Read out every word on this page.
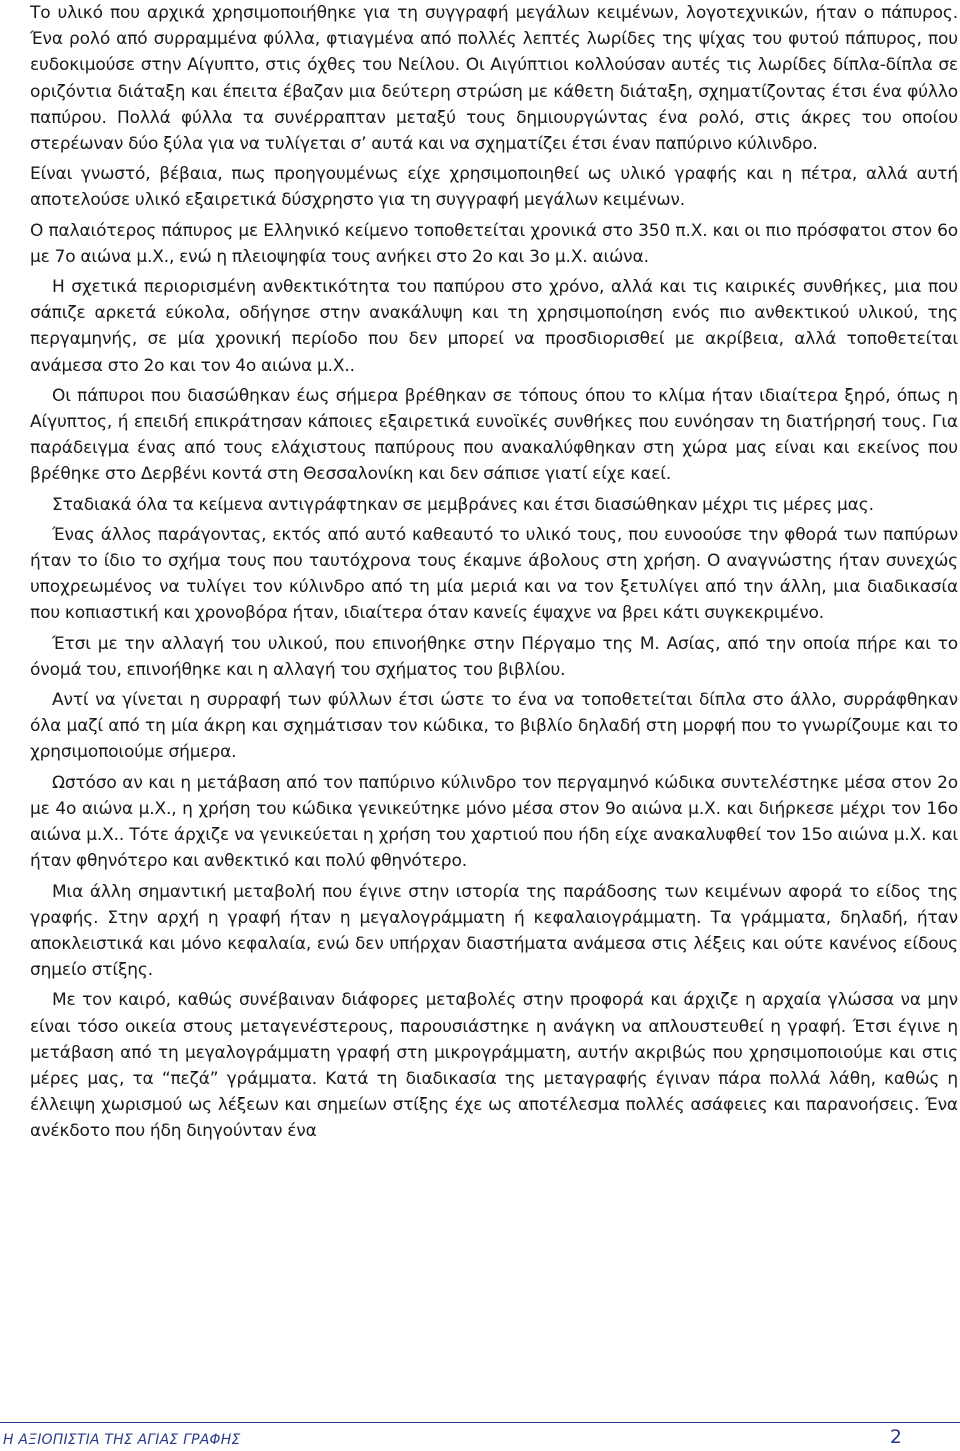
Το υλικό που αρχικά χρησιμοποιήθηκε για τη συγγραφή μεγάλων κειμένων, λογοτεχνικών, ήταν ο πάπυρος. Ένα ρολό από συρραμμένα φύλλα, φτιαγμένα από πολλές λεπτές λωρίδες της ψίχας του φυτού πάπυρος, που ευδοκιμούσε στην Αίγυπτο, στις όχθες του Νείλου. Οι Αιγύπτιοι κολλούσαν αυτές τις λωρίδες δίπλα-δίπλα σε οριζόντια διάταξη και έπειτα έβαζαν μια δεύτερη στρώση με κάθετη διάταξη, σχηματίζοντας έτσι ένα φύλλο παπύρου. Πολλά φύλλα τα συνέρραπταν μεταξύ τους δημιουργώντας ένα ρολό, στις άκρες του οποίου στερέωναν δύο ξύλα για να τυλίγεται σ’ αυτά και να σχηματίζει έτσι έναν παπύρινο κύλινδρο.

Είναι γνωστό, βέβαια, πως προηγουμένως είχε χρησιμοποιηθεί ως υλικό γραφής και η πέτρα, αλλά αυτή αποτελούσε υλικό εξαιρετικά δύσχρηστο για τη συγγραφή μεγάλων κειμένων.

Ο παλαιότερος πάπυρος με Ελληνικό κείμενο τοποθετείται χρονικά στο 350 π.Χ. και οι πιο πρόσφατοι στον 6ο με 7ο αιώνα μ.Χ., ενώ η πλειοψηφία τους ανήκει στο 2ο και 3ο μ.Χ. αιώνα.

Η σχετικά περιορισμένη ανθεκτικότητα του παπύρου στο χρόνο, αλλά και τις καιρικές συνθήκες, μια που σάπιζε αρκετά εύκολα, οδήγησε στην ανακάλυψη και τη χρησιμοποίηση ενός πιο ανθεκτικού υλικού, της περγαμηνής, σε μία χρονική περίοδο που δεν μπορεί να προσδιορισθεί με ακρίβεια, αλλά τοποθετείται ανάμεσα στο 2ο και τον 4ο αιώνα μ.Χ..

Οι πάπυροι που διασώθηκαν έως σήμερα βρέθηκαν σε τόπους όπου το κλίμα ήταν ιδιαίτερα ξηρό, όπως η Αίγυπτος, ή επειδή επικράτησαν κάποιες εξαιρετικά ευνοϊκές συνθήκες που ευνόησαν τη διατήρησή τους. Για παράδειγμα ένας από τους ελάχιστους παπύρους που ανακαλύφθηκαν στη χώρα μας είναι και εκείνος που βρέθηκε στο Δερβένι κοντά στη Θεσσαλονίκη και δεν σάπισε γιατί είχε καεί.

Σταδιακά όλα τα κείμενα αντιγράφτηκαν σε μεμβράνες και έτσι διασώθηκαν μέχρι τις μέρες μας.

Ένας άλλος παράγοντας, εκτός από αυτό καθεαυτό το υλικό τους, που ευνοούσε την φθορά των παπύρων ήταν το ίδιο το σχήμα τους που ταυτόχρονα τους έκαμνε άβολους στη χρήση. Ο αναγνώστης ήταν συνεχώς υποχρεωμένος να τυλίγει τον κύλινδρο από τη μία μεριά και να τον ξετυλίγει από την άλλη, μια διαδικασία που κοπιαστική και χρονοβόρα ήταν, ιδιαίτερα όταν κανείς έψαχνε να βρει κάτι συγκεκριμένο.

Έτσι με την αλλαγή του υλικού, που επινοήθηκε στην Πέργαμο της Μ. Ασίας, από την οποία πήρε και το όνομά του, επινοήθηκε και η αλλαγή του σχήματος του βιβλίου.

Αντί να γίνεται η συρραφή των φύλλων έτσι ώστε το ένα να τοποθετείται δίπλα στο άλλο, συρράφθηκαν όλα μαζί από τη μία άκρη και σχημάτισαν τον κώδικα, το βιβλίο δηλαδή στη μορφή που το γνωρίζουμε και το χρησιμοποιούμε σήμερα.

Ωστόσο αν και η μετάβαση από τον παπύρινο κύλινδρο τον περγαμηνό κώδικα συντελέστηκε μέσα στον 2ο με 4ο αιώνα μ.Χ., η χρήση του κώδικα γενικεύτηκε μόνο μέσα στον 9ο αιώνα μ.Χ. και διήρκεσε μέχρι τον 16ο αιώνα μ.Χ.. Τότε άρχιζε να γενικεύεται η χρήση του χαρτιού που ήδη είχε ανακαλυφθεί τον 15ο αιώνα μ.Χ. και ήταν φθηνότερο και ανθεκτικό και πολύ φθηνότερο.

Μια άλλη σημαντική μεταβολή που έγινε στην ιστορία της παράδοσης των κειμένων αφορά το είδος της γραφής. Στην αρχή η γραφή ήταν η μεγαλογράμματη ή κεφαλαιογράμματη. Τα γράμματα, δηλαδή, ήταν αποκλειστικά και μόνο κεφαλαία, ενώ δεν υπήρχαν διαστήματα ανάμεσα στις λέξεις και ούτε κανένος είδους σημείο στίξης.

Με τον καιρό, καθώς συνέβαιναν διάφορες μεταβολές στην προφορά και άρχιζε η αρχαία γλώσσα να μην είναι τόσο οικεία στους μεταγενέστερους, παρουσιάστηκε η ανάγκη να απλουστευθεί η γραφή. Έτσι έγινε η μετάβαση από τη μεγαλογράμματη γραφή στη μικρογράμματη, αυτήν ακριβώς που χρησιμοποιούμε και στις μέρες μας, τα “πεζά” γράμματα. Κατά τη διαδικασία της μεταγραφής έγιναν πάρα πολλά λάθη, καθώς η έλλειψη χωρισμού ως λέξεων και σημείων στίξης έχε ως αποτέλεσμα πολλές ασάφειες και παρανοήσεις. Ένα ανέκδοτο που ήδη διηγούνταν ένα

Η ΑΞΙΟΠΙΣΤΙΑ ΤΗΣ ΑΓΙΑΣ ΓΡΑΦΗΣ	2
